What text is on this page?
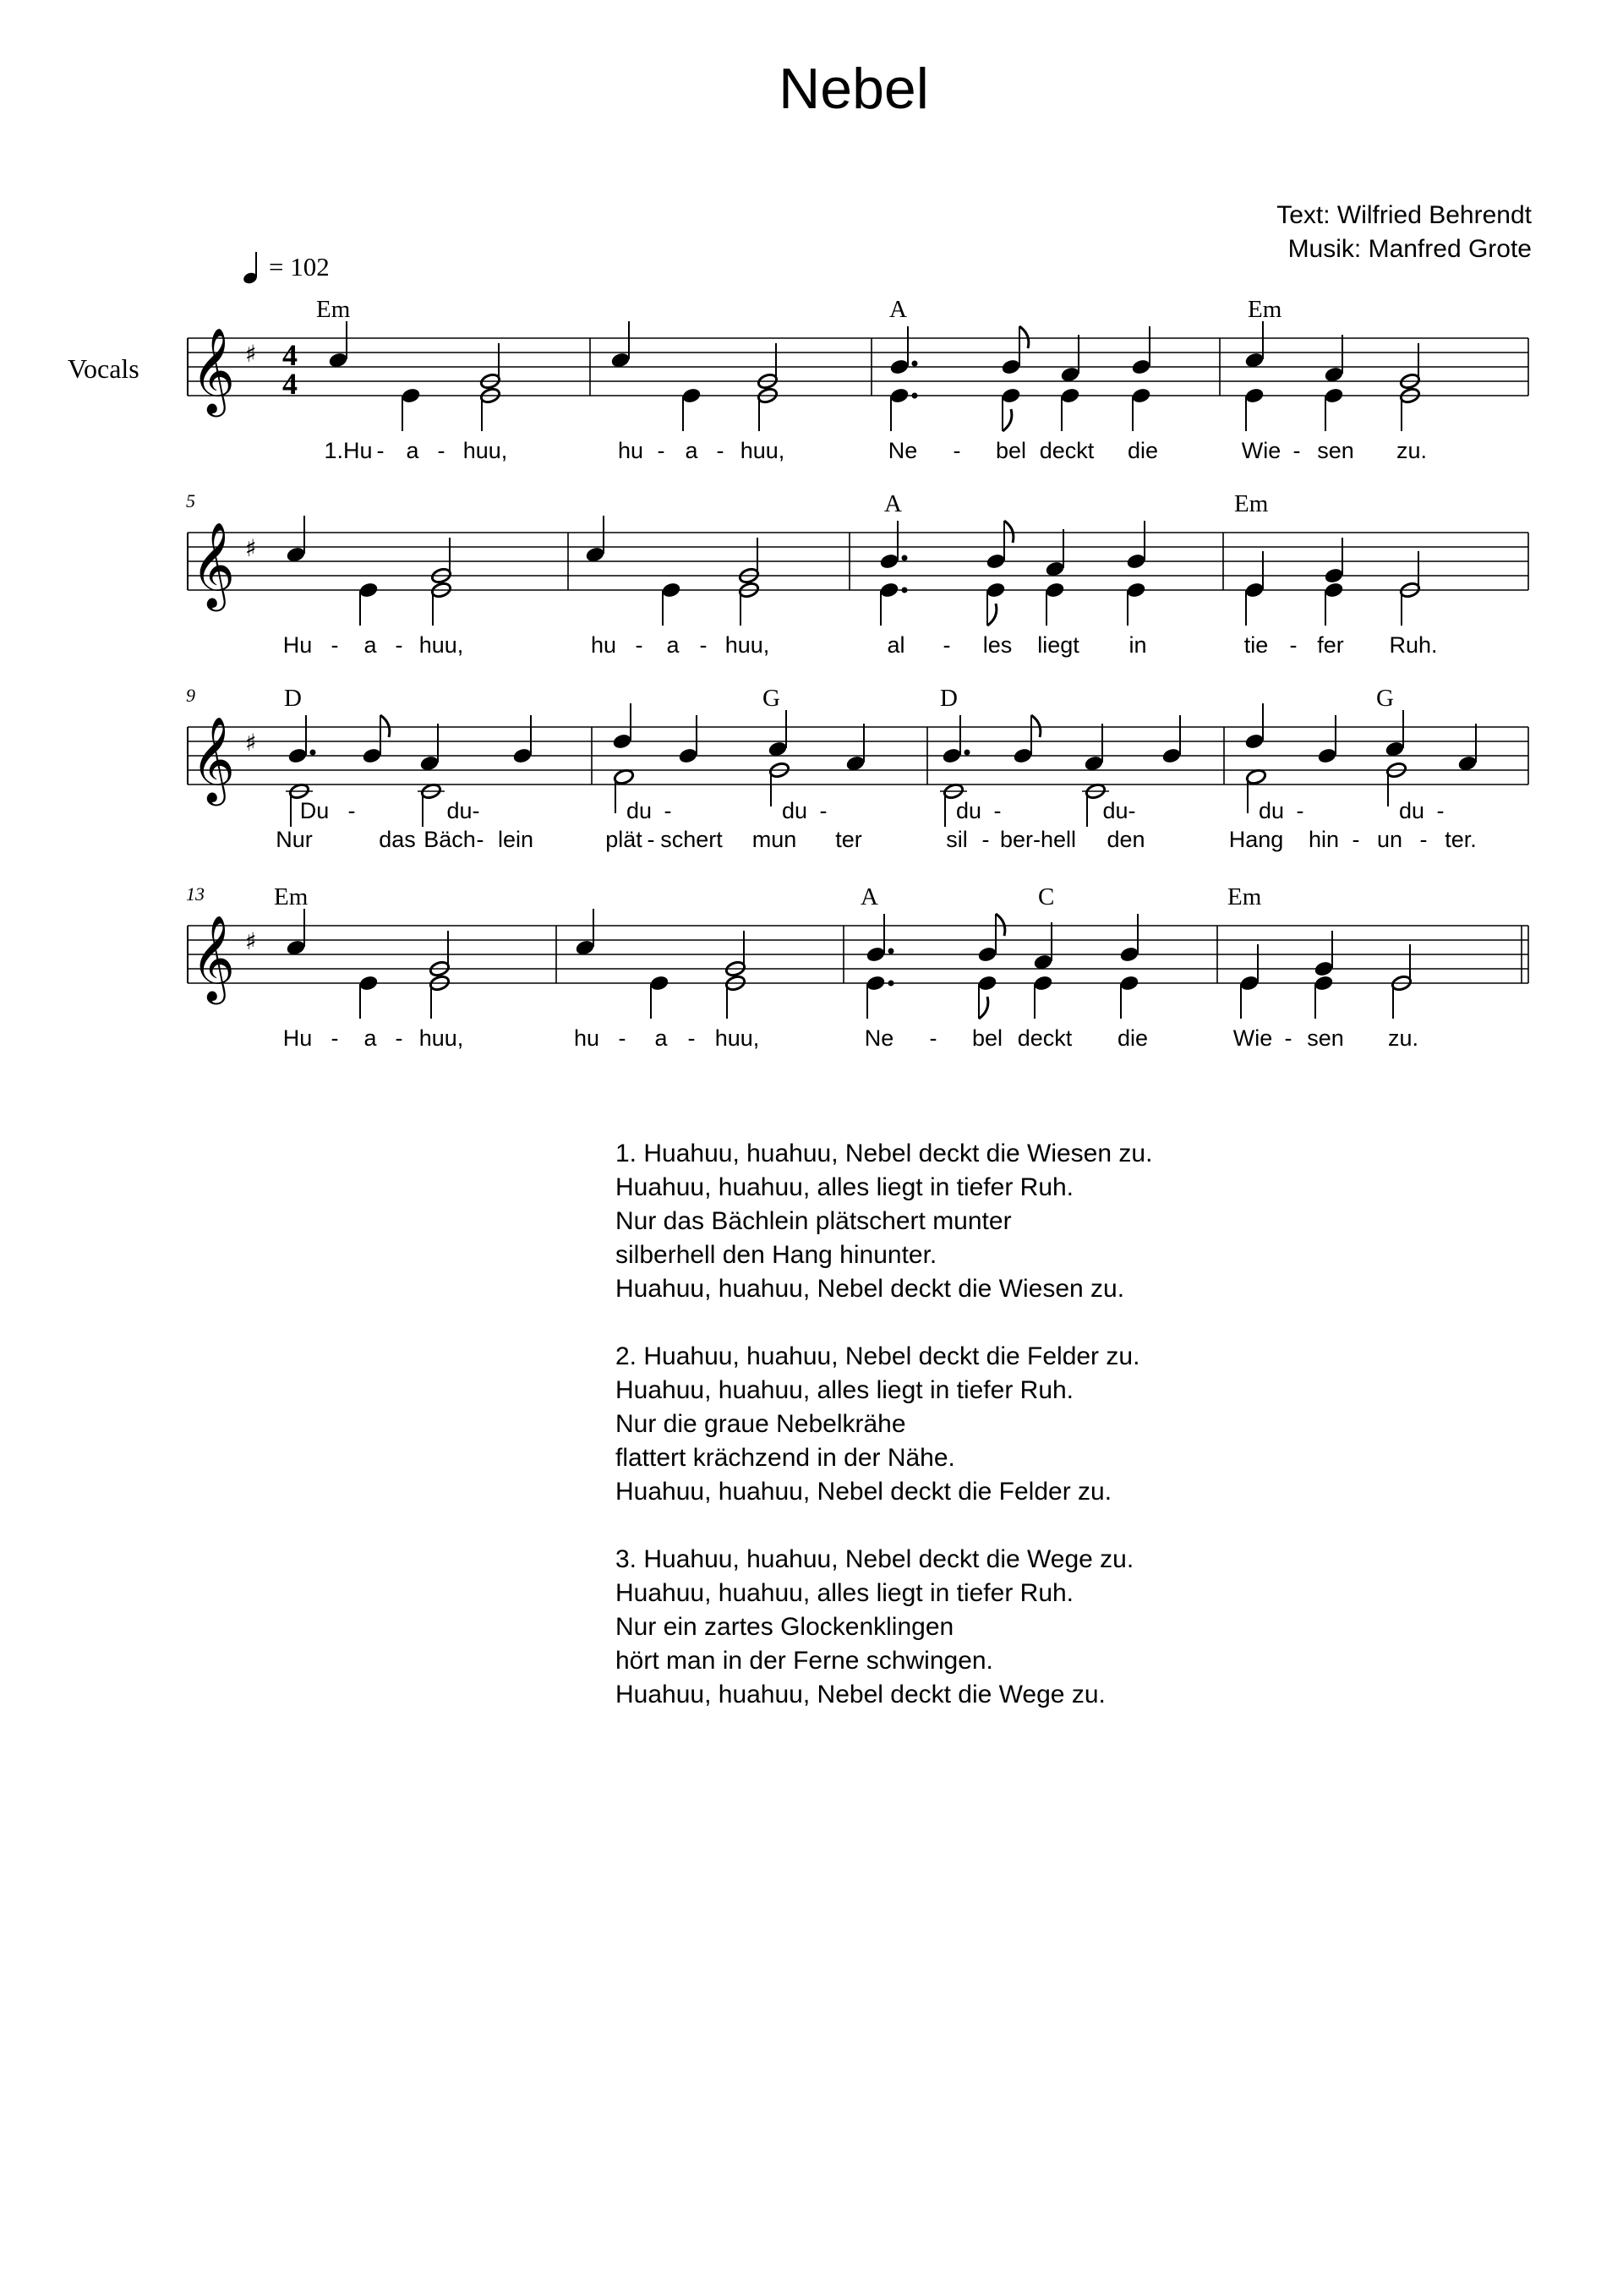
Nebel
Text: Wilfried Behrendt
Musik: Manfred Grote
= 102
Vocals 𝄞 ♯ 4
4
Em	A	Em
1.Hu - a - huu,	hu - a - huu,	Ne - bel deckt die	Wie - sen zu.
5
𝄞 ♯
A	Em
Hu - a - huu,	hu - a - huu,	al - les liegt in	tie - fer Ruh.
9
𝄞 ♯
D	G	D	G
Du -	du-	du -	du -	du -	du-	du -	du -
Nur	das Bäch - lein	plät - schert mun ter	sil - ber-hell den	Hang hin - un - ter.
13
𝄞 ♯
Em	A	C	Em
Hu - a - huu,	hu - a - huu,	Ne - bel deckt die	Wie - sen zu.
1. Huahuu, huahuu, Nebel deckt die Wiesen zu.
Huahuu, huahuu, alles liegt in tiefer Ruh.
Nur das Bächlein plätschert munter
silberhell den Hang hinunter.
Huahuu, huahuu, Nebel deckt die Wiesen zu.
2. Huahuu, huahuu, Nebel deckt die Felder zu.
Huahuu, huahuu, alles liegt in tiefer Ruh.
Nur die graue Nebelkrähe
flattert krächzend in der Nähe.
Huahuu, huahuu, Nebel deckt die Felder zu.
3. Huahuu, huahuu, Nebel deckt die Wege zu.
Huahuu, huahuu, alles liegt in tiefer Ruh.
Nur ein zartes Glockenklingen
hört man in der Ferne schwingen.
Huahuu, huahuu, Nebel deckt die Wege zu.
